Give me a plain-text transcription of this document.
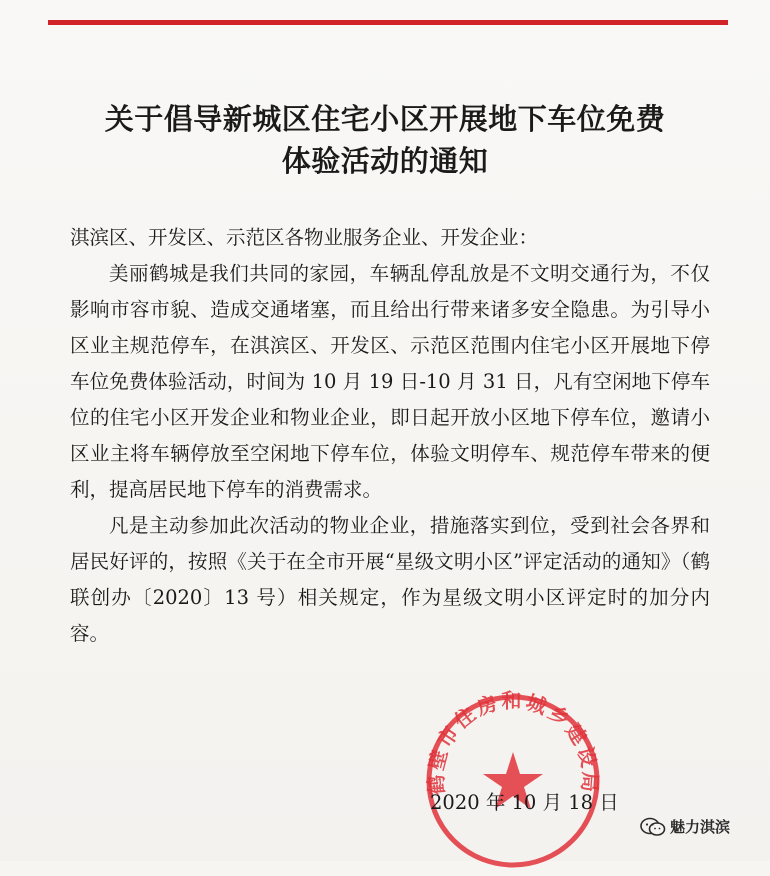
关于倡导新城区住宅小区开展地下车位免费
体验活动的通知
淇滨区、开发区、示范区各物业服务企业、开发企业：
美丽鹤城是我们共同的家园，车辆乱停乱放是不文明交通行为，不仅影响市容市貌、造成交通堵塞，而且给出行带来诸多安全隐患。为引导小区业主规范停车，在淇滨区、开发区、示范区范围内住宅小区开展地下停车位免费体验活动，时间为 10 月 19 日-10 月 31 日，凡有空闲地下停车位的住宅小区开发企业和物业企业，即日起开放小区地下停车位，邀请小区业主将车辆停放至空闲地下停车位，体验文明停车、规范停车带来的便利，提高居民地下停车的消费需求。
凡是主动参加此次活动的物业企业，措施落实到位，受到社会各界和居民好评的，按照《关于在全市开展“星级文明小区”评定活动的通知》（鹤联创办〔2020〕13 号）相关规定，作为星级文明小区评定时的加分内容。
鹤壁市住房和城乡建设局
2020 年 10 月 18 日
魅力淇滨
